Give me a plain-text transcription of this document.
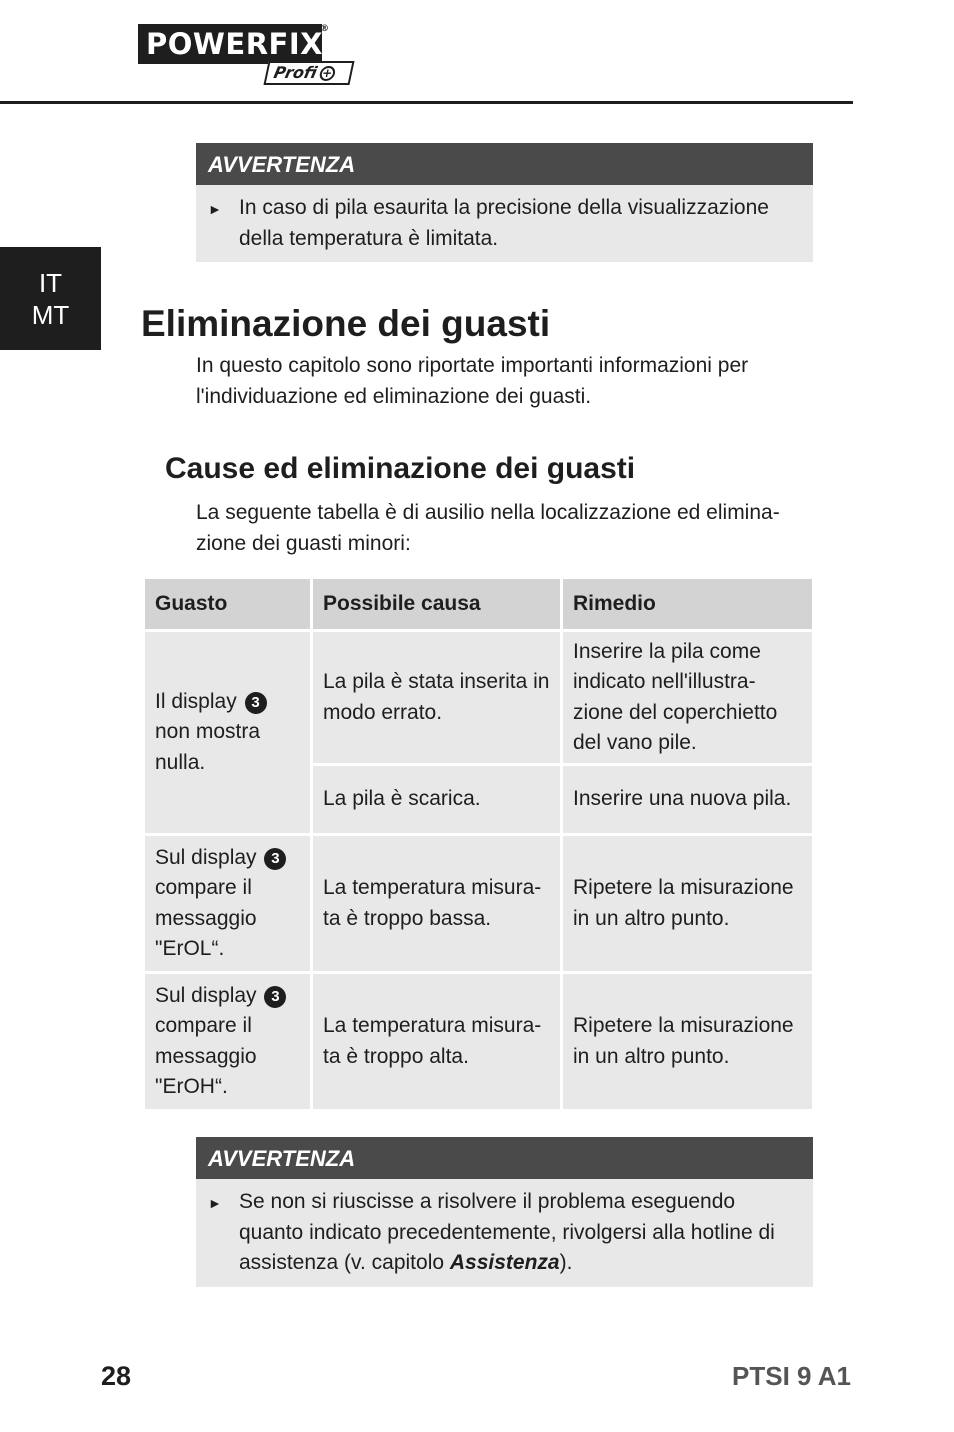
POWERFIX
®
Profi +
IT
MT
AVVERTENZA
► In caso di pila esaurita la precisione della visualizzazione della temperatura è limitata.
Eliminazione dei guasti
In questo capitolo sono riportate importanti informazioni per l'individuazione ed eliminazione dei guasti.
Cause ed eliminazione dei guasti
La seguente tabella è di ausilio nella localizzazione ed elimina-zione dei guasti minori:
Guasto	Possibile causa	Rimedio
Il display 3 non mostra nulla.	La pila è stata inserita in modo errato.	Inserire la pila come indicato nell'illustra-zione del coperchietto del vano pile.
	La pila è scarica.	Inserire una nuova pila.
Sul display 3 compare il messaggio "ErOL“.	La temperatura misura-ta è troppo bassa.	Ripetere la misurazione in un altro punto.
Sul display 3 compare il messaggio "ErOH“.	La temperatura misura-ta è troppo alta.	Ripetere la misurazione in un altro punto.
AVVERTENZA
► Se non si riuscisse a risolvere il problema eseguendo quanto indicato precedentemente, rivolgersi alla hotline di assistenza (v. capitolo Assistenza).
28	PTSI 9 A1
